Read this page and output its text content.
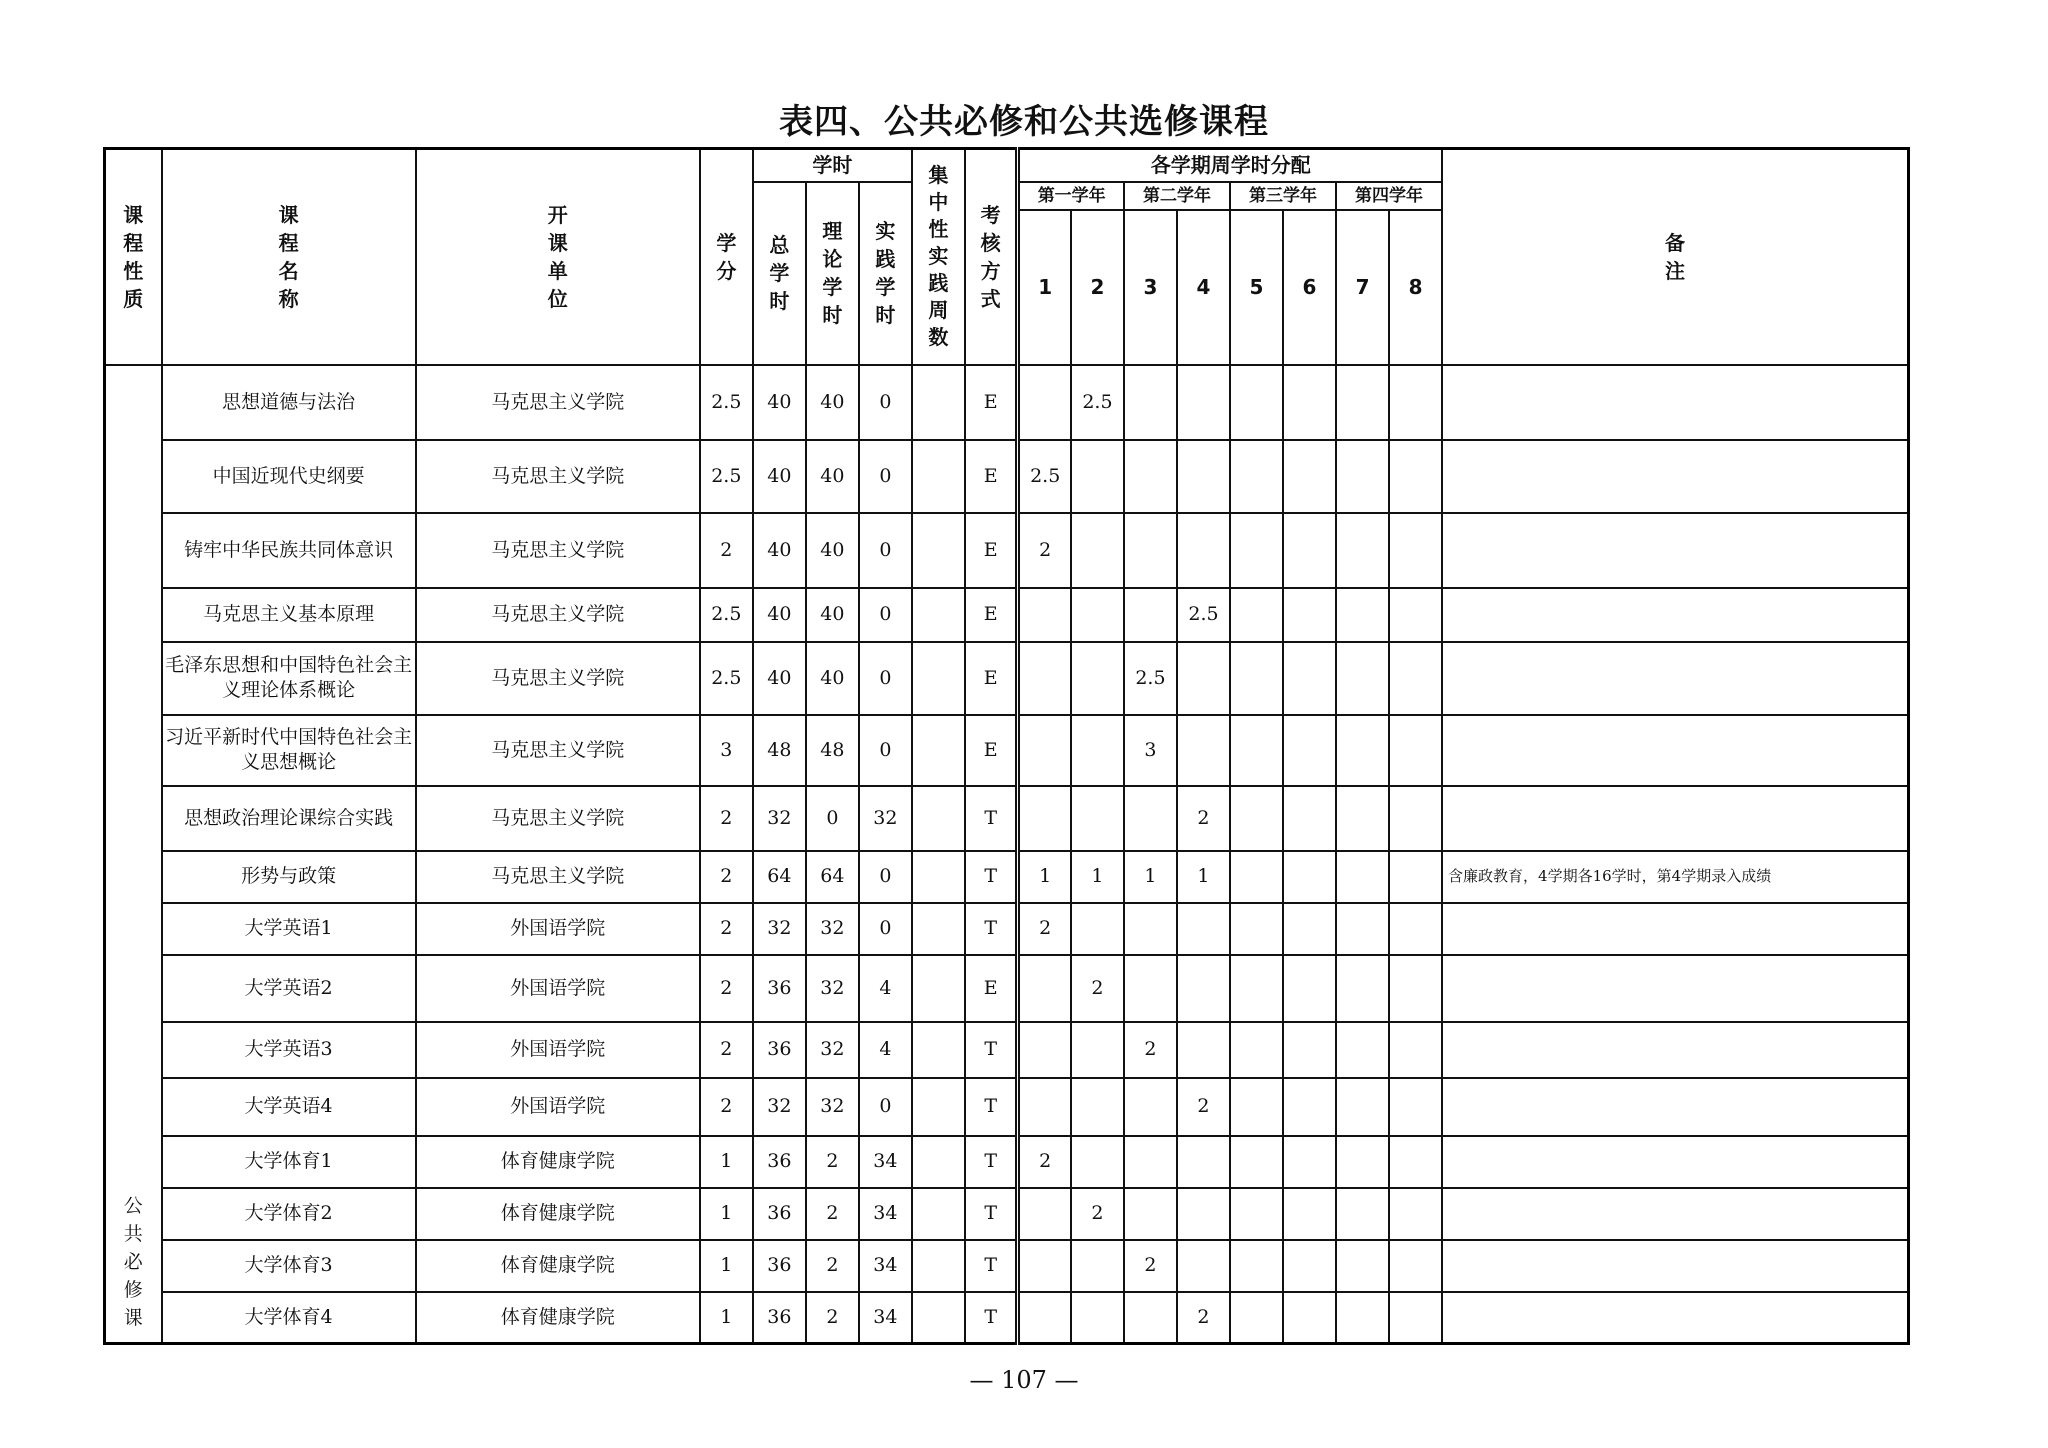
表四、公共必修和公共选修课程
课程性质	课程名称	开课单位	学分	学时			集中性实践周数	考核方式	各学期周学时分配								备注
				总学时	理论学时	实践学时			第一学年		第二学年		第三学年		第四学年		
									1	2	3	4	5	6	7	8	
公共必修课	思想道德与法治	马克思主义学院	2.5	40	40	0		E		2.5							
	中国近现代史纲要	马克思主义学院	2.5	40	40	0		E	2.5								
	铸牢中华民族共同体意识	马克思主义学院	2	40	40	0		E	2								
	马克思主义基本原理	马克思主义学院	2.5	40	40	0		E				2.5					
	毛泽东思想和中国特色社会主义理论体系概论	马克思主义学院	2.5	40	40	0		E			2.5						
	习近平新时代中国特色社会主义思想概论	马克思主义学院	3	48	48	0		E			3						
	思想政治理论课综合实践	马克思主义学院	2	32	0	32		T				2					
	形势与政策	马克思主义学院	2	64	64	0		T	1	1	1	1					含廉政教育，4学期各16学时，第4学期录入成绩
	大学英语1	外国语学院	2	32	32	0		T	2								
	大学英语2	外国语学院	2	36	32	4		E		2							
	大学英语3	外国语学院	2	36	32	4		T			2						
	大学英语4	外国语学院	2	32	32	0		T				2					
	大学体育1	体育健康学院	1	36	2	34		T	2								
	大学体育2	体育健康学院	1	36	2	34		T		2							
	大学体育3	体育健康学院	1	36	2	34		T			2						
	大学体育4	体育健康学院	1	36	2	34		T				2					
— 107 —
